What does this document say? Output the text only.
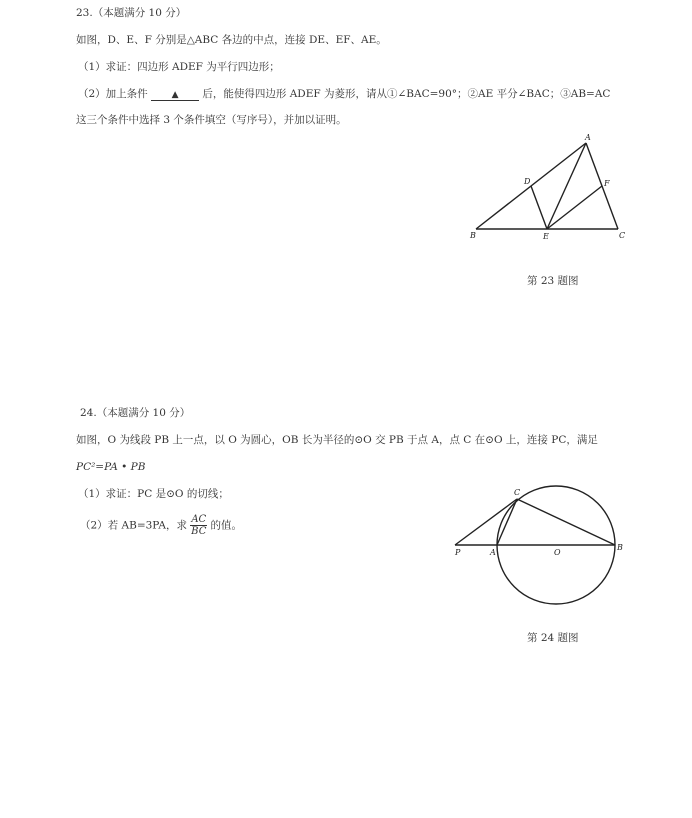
23.（本题满分 10 分）
如图，D、E、F 分别是△ABC 各边的中点，连接 DE、EF、AE。
（1）求证：四边形 ADEF 为平行四边形；
（2）加上条件	▲ 后，能使得四边形 ADEF 为菱形，请从①∠BAC=90°；②AE 平分∠BAC；③AB=AC
这三个条件中选择 3 个条件填空（写序号），并加以证明。
A
B	C
D
E
F
第 23 题图
24.（本题满分 10 分）
如图，O 为线段 PB 上一点，以 O 为圆心，OB 长为半径的⊙O 交 PB 于点 A，点 C 在⊙O 上，连接 PC，满足
PC²=PA • PB
（1）求证：PC 是⊙O 的切线；
（2）若 AB=3PA，求 $\frac{AC}{BC}$ 的值。
P	A	O
B
C
第 24 题图
